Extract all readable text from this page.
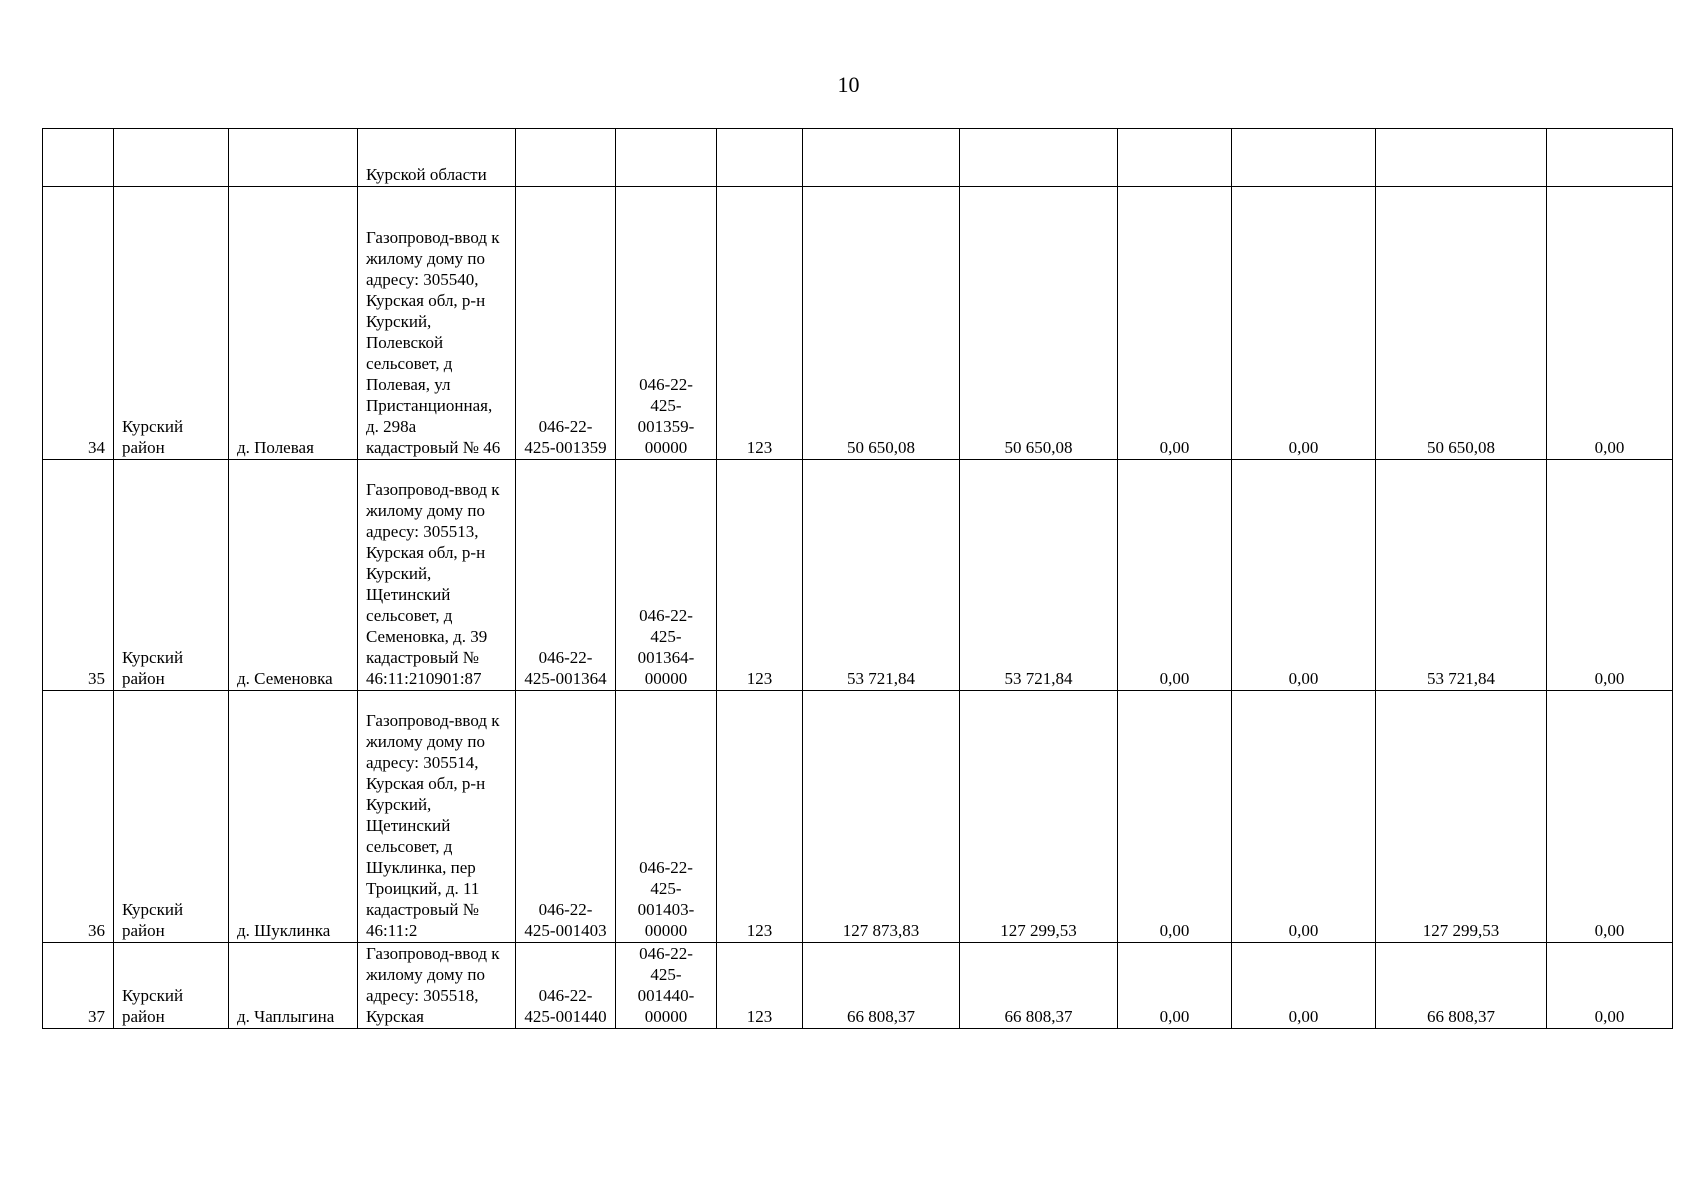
10
			Курской области									
34	Курский район	д. Полевая	Газопровод-ввод к жилому дому по адресу: 305540, Курская обл, р-н Курский, Полевской сельсовет, д Полевая, ул Пристанционная, д. 298а кадастровый № 46	046-22-425-001359	046-22-425-001359-00000	123	50 650,08	50 650,08	0,00	0,00	50 650,08	0,00
35	Курский район	д. Семеновка	Газопровод-ввод к жилому дому по адресу: 305513, Курская обл, р-н Курский, Щетинский сельсовет, д Семеновка, д. 39 кадастровый № 46:11:210901:87	046-22-425-001364	046-22-425-001364-00000	123	53 721,84	53 721,84	0,00	0,00	53 721,84	0,00
36	Курский район	д. Шуклинка	Газопровод-ввод к жилому дому по адресу: 305514, Курская обл, р-н Курский, Щетинский сельсовет, д Шуклинка, пер Троицкий, д. 11 кадастровый № 46:11:2	046-22-425-001403	046-22-425-001403-00000	123	127 873,83	127 299,53	0,00	0,00	127 299,53	0,00
37	Курский район	д. Чаплыгина	Газопровод-ввод к жилому дому по адресу: 305518, Курская	046-22-425-001440	046-22-425-001440-00000	123	66 808,37	66 808,37	0,00	0,00	66 808,37	0,00
